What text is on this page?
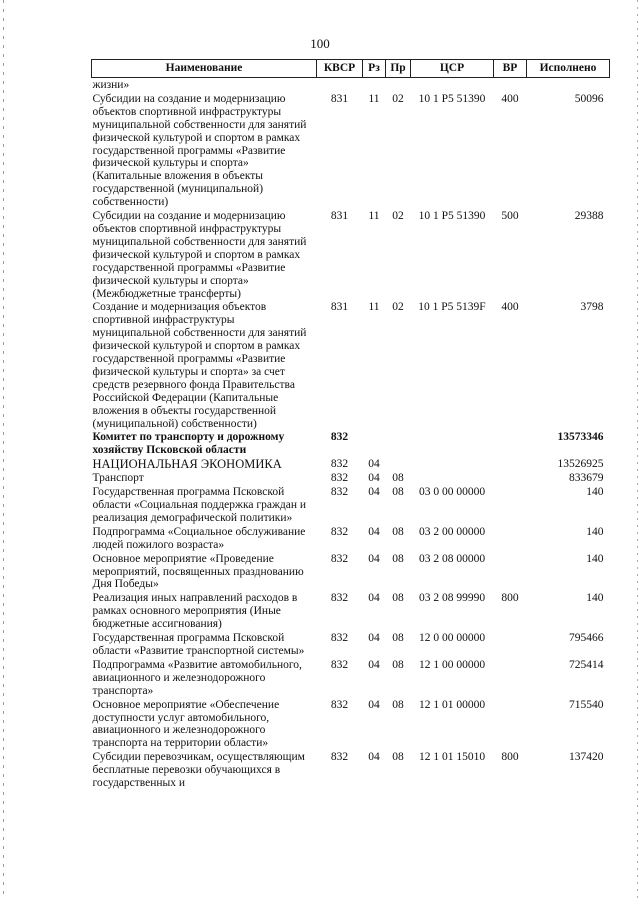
100
Наименование	КВСР	Рз	Пр	ЦСР	ВР	Исполнено
жизни»						
Субсидии на создание и модернизацию объектов спортивной инфраструктуры муниципальной собственности для занятий физической культурой и спортом в рамках государственной программы «Развитие физической культуры и спорта» (Капитальные вложения в объекты государственной (муниципальной) собственности)	831	11	02	10 1 Р5 51390	400	50096
Субсидии на создание и модернизацию объектов спортивной инфраструктуры муниципальной собственности для занятий физической культурой и спортом в рамках государственной программы «Развитие физической культуры и спорта» (Межбюджетные трансферты)	831	11	02	10 1 Р5 51390	500	29388
Создание и модернизация объектов спортивной инфраструктуры муниципальной собственности для занятий физической культурой и спортом в рамках государственной программы «Развитие физической культуры и спорта» за счет средств резервного фонда Правительства Российской Федерации (Капитальные вложения в объекты государственной (муниципальной) собственности)	831	11	02	10 1 Р5 5139F	400	3798
Комитет по транспорту и дорожному хозяйству Псковской области	832					13573346
НАЦИОНАЛЬНАЯ ЭКОНОМИКА	832	04				13526925
Транспорт	832	04	08			833679
Государственная программа Псковской области «Социальная поддержка граждан и реализация демографической политики»	832	04	08	03 0 00 00000		140
Подпрограмма «Социальное обслуживание людей пожилого возраста»	832	04	08	03 2 00 00000		140
Основное мероприятие «Проведение мероприятий, посвященных празднованию Дня Победы»	832	04	08	03 2 08 00000		140
Реализация иных направлений расходов в рамках основного мероприятия (Иные бюджетные ассигнования)	832	04	08	03 2 08 99990	800	140
Государственная программа Псковской области «Развитие транспортной системы»	832	04	08	12 0 00 00000		795466
Подпрограмма «Развитие автомобильного, авиационного и железнодорожного транспорта»	832	04	08	12 1 00 00000		725414
Основное мероприятие «Обеспечение доступности услуг автомобильного, авиационного и железнодорожного транспорта на территории области»	832	04	08	12 1 01 00000		715540
Субсидии перевозчикам, осуществляющим бесплатные перевозки обучающихся в государственных и	832	04	08	12 1 01 15010	800	137420
